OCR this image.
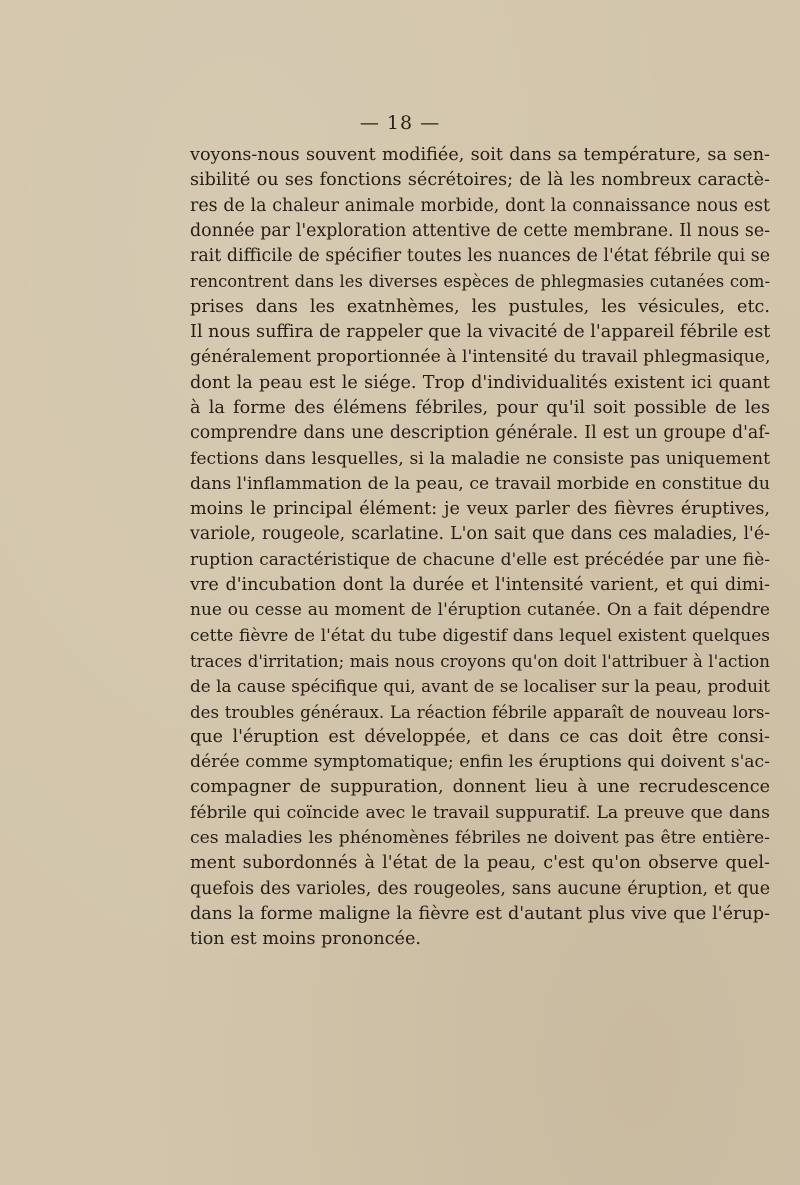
— 18 —
voyons-nous souvent modifiée, soit dans sa température, sa sen-
sibilité ou ses fonctions sécrétoires; de là les nombreux caractè-
res de la chaleur animale morbide, dont la connaissance nous est
donnée par l'exploration attentive de cette membrane. Il nous se-
rait difficile de spécifier toutes les nuances de l'état fébrile qui se
rencontrent dans les diverses espèces de phlegmasies cutanées com-
prises dans les exatnhèmes, les pustules, les vésicules, etc.
Il nous suffira de rappeler que la vivacité de l'appareil fébrile est
généralement proportionnée à l'intensité du travail phlegmasique,
dont la peau est le siége. Trop d'individualités existent ici quant
à la forme des élémens fébriles, pour qu'il soit possible de les
comprendre dans une description générale. Il est un groupe d'af-
fections dans lesquelles, si la maladie ne consiste pas uniquement
dans l'inflammation de la peau, ce travail morbide en constitue du
moins le principal élément: je veux parler des fièvres éruptives,
variole, rougeole, scarlatine. L'on sait que dans ces maladies, l'é-
ruption caractéristique de chacune d'elle est précédée par une fiè-
vre d'incubation dont la durée et l'intensité varient, et qui dimi-
nue ou cesse au moment de l'éruption cutanée. On a fait dépendre
cette fièvre de l'état du tube digestif dans lequel existent quelques
traces d'irritation; mais nous croyons qu'on doit l'attribuer à l'action
de la cause spécifique qui, avant de se localiser sur la peau, produit
des troubles généraux. La réaction fébrile apparaît de nouveau lors-
que l'éruption est développée, et dans ce cas doit être consi-
dérée comme symptomatique; enfin les éruptions qui doivent s'ac-
compagner de suppuration, donnent lieu à une recrudescence
fébrile qui coïncide avec le travail suppuratif. La preuve que dans
ces maladies les phénomènes fébriles ne doivent pas être entière-
ment subordonnés à l'état de la peau, c'est qu'on observe quel-
quefois des varioles, des rougeoles, sans aucune éruption, et que
dans la forme maligne la fièvre est d'autant plus vive que l'érup-
tion est moins prononcée.
